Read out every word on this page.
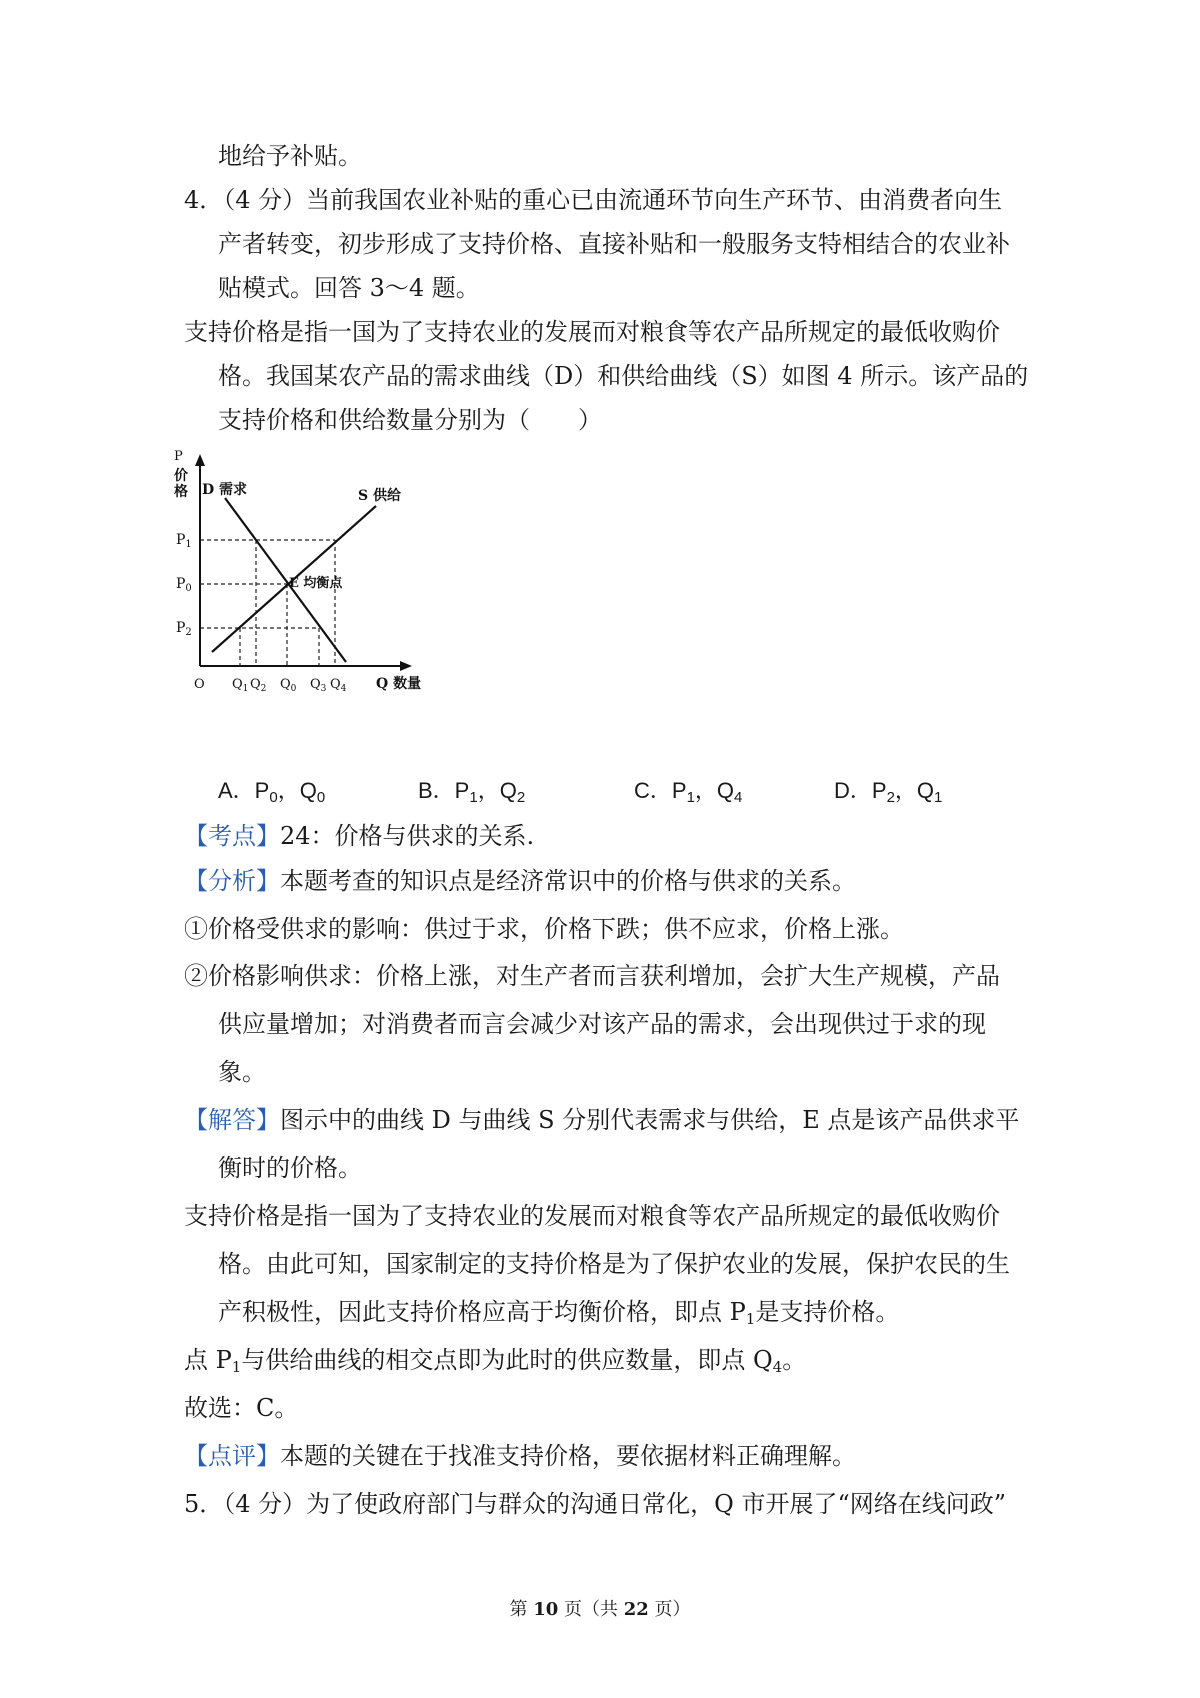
地给予补贴。
4．（4 分）当前我国农业补贴的重心已由流通环节向生产环节、由消费者向生
产者转变，初步形成了支持价格、直接补贴和一般服务支特相结合的农业补
贴模式。回答 3〜4 题。
支持价格是指一国为了支持农业的发展而对粮食等农产品所规定的最低收购价
格。我国某农产品的需求曲线（D）和供给曲线（S）如图 4 所示。该产品的
支持价格和供给数量分别为（　　）
P
价
格 D 需求	S 供给
$P_1$
$P_0$
$P_2$
E 均衡点
O $Q_1$ $Q_2$ $Q_0$ $Q_3$ $Q_4$ Q 数量
A．$P_0$，$Q_0$	B．$P_1$，$Q_2$	C．$P_1$，$Q_4$	D．$P_2$，$Q_1$
【考点】24：价格与供求的关系.
【分析】本题考查的知识点是经济常识中的价格与供求的关系。
①价格受供求的影响：供过于求，价格下跌；供不应求，价格上涨。
②价格影响供求：价格上涨，对生产者而言获利增加，会扩大生产规模，产品
供应量增加；对消费者而言会减少对该产品的需求，会出现供过于求的现
象。
【解答】图示中的曲线 D 与曲线 S 分别代表需求与供给，E 点是该产品供求平
衡时的价格。
支持价格是指一国为了支持农业的发展而对粮食等农产品所规定的最低收购价
格。由此可知，国家制定的支持价格是为了保护农业的发展，保护农民的生
产积极性，因此支持价格应高于均衡价格，即点 $P_1$是支持价格。
点 $P_1$与供给曲线的相交点即为此时的供应数量，即点 $Q_4$。
故选：C。
【点评】本题的关键在于找准支持价格，要依据材料正确理解。
5．（4 分）为了使政府部门与群众的沟通日常化，Q 市开展了“网络在线问政”
第 10 页（共 22 页）
